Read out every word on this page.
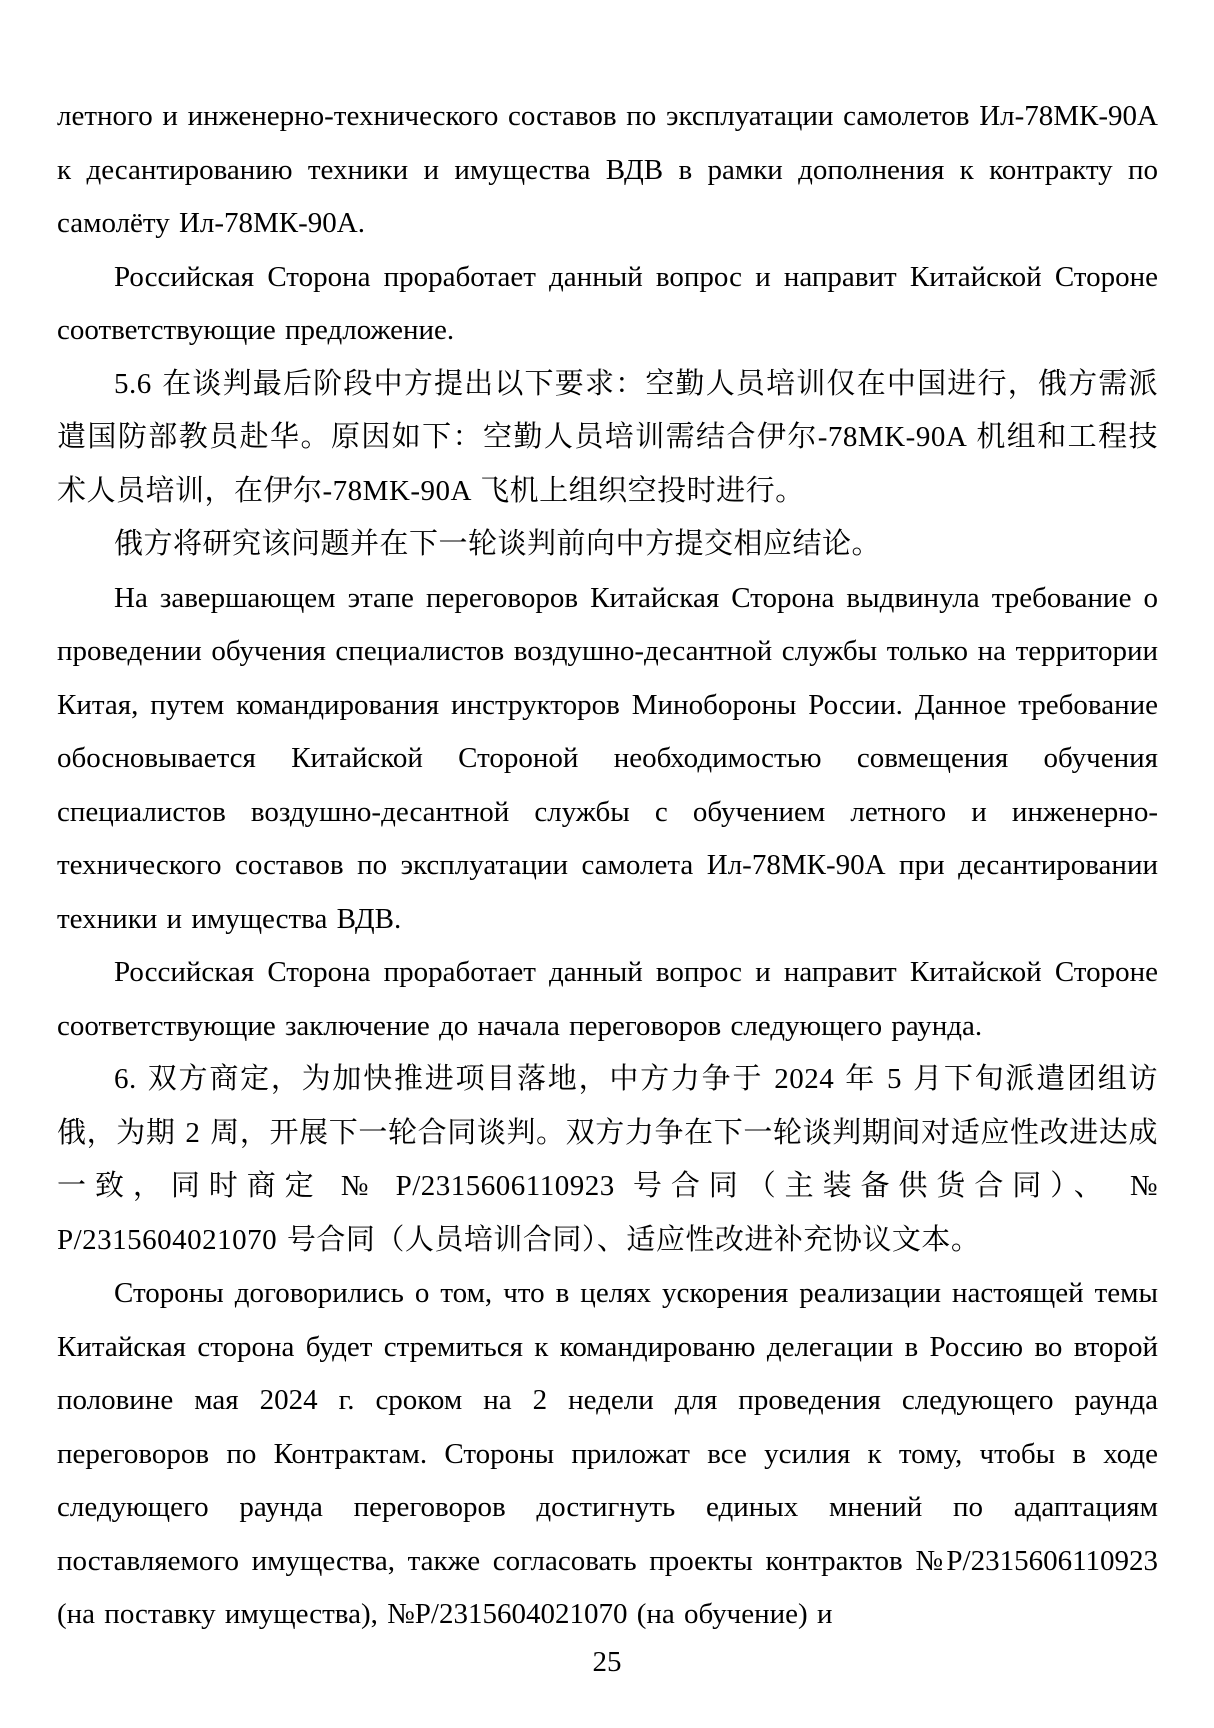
летного и инженерно-технического составов по эксплуатации самолетов Ил-78МК-90А к десантированию техники и имущества ВДВ в рамки дополнения к контракту по самолёту Ил-78МК-90А.

Российская Сторона проработает данный вопрос и направит Китайской Стороне соответствующие предложение.

5.6 在谈判最后阶段中方提出以下要求：空勤人员培训仅在中国进行，俄方需派遣国防部教员赴华。原因如下：空勤人员培训需结合伊尔-78MK-90A 机组和工程技术人员培训，在伊尔-78MK-90A 飞机上组织空投时进行。

俄方将研究该问题并在下一轮谈判前向中方提交相应结论。

На завершающем этапе переговоров Китайская Сторона выдвинула требование о проведении обучения специалистов воздушно-десантной службы только на территории Китая, путем командирования инструкторов Минобороны России. Данное требование обосновывается Китайской Стороной необходимостью совмещения обучения специалистов воздушно-десантной службы с обучением летного и инженерно-технического составов по эксплуатации самолета Ил-78МК-90А при десантировании техники и имущества ВДВ.

Российская Сторона проработает данный вопрос и направит Китайской Стороне соответствующие заключение до начала переговоров следующего раунда.

6. 双方商定，为加快推进项目落地，中方力争于 2024 年 5 月下旬派遣团组访俄，为期 2 周，开展下一轮合同谈判。双方力争在下一轮谈判期间对适应性改进达成一致，同时商定 № P/2315606110923 号合同（主装备供货合同）、 № P/2315604021070 号合同（人员培训合同）、适应性改进补充协议文本。

Стороны договорились о том, что в целях ускорения реализации настоящей темы Китайская сторона будет стремиться к командированю делегации в Россию во второй половине мая 2024 г. сроком на 2 недели для проведения следующего раунда переговоров по Контрактам. Стороны приложат все усилия к тому, чтобы в ходе следующего раунда переговоров достигнуть единых мнений по адаптациям поставляемого имущества, также согласовать проекты контрактов №Р/2315606110923 (на поставку имущества), №Р/2315604021070 (на обучение) и

25
